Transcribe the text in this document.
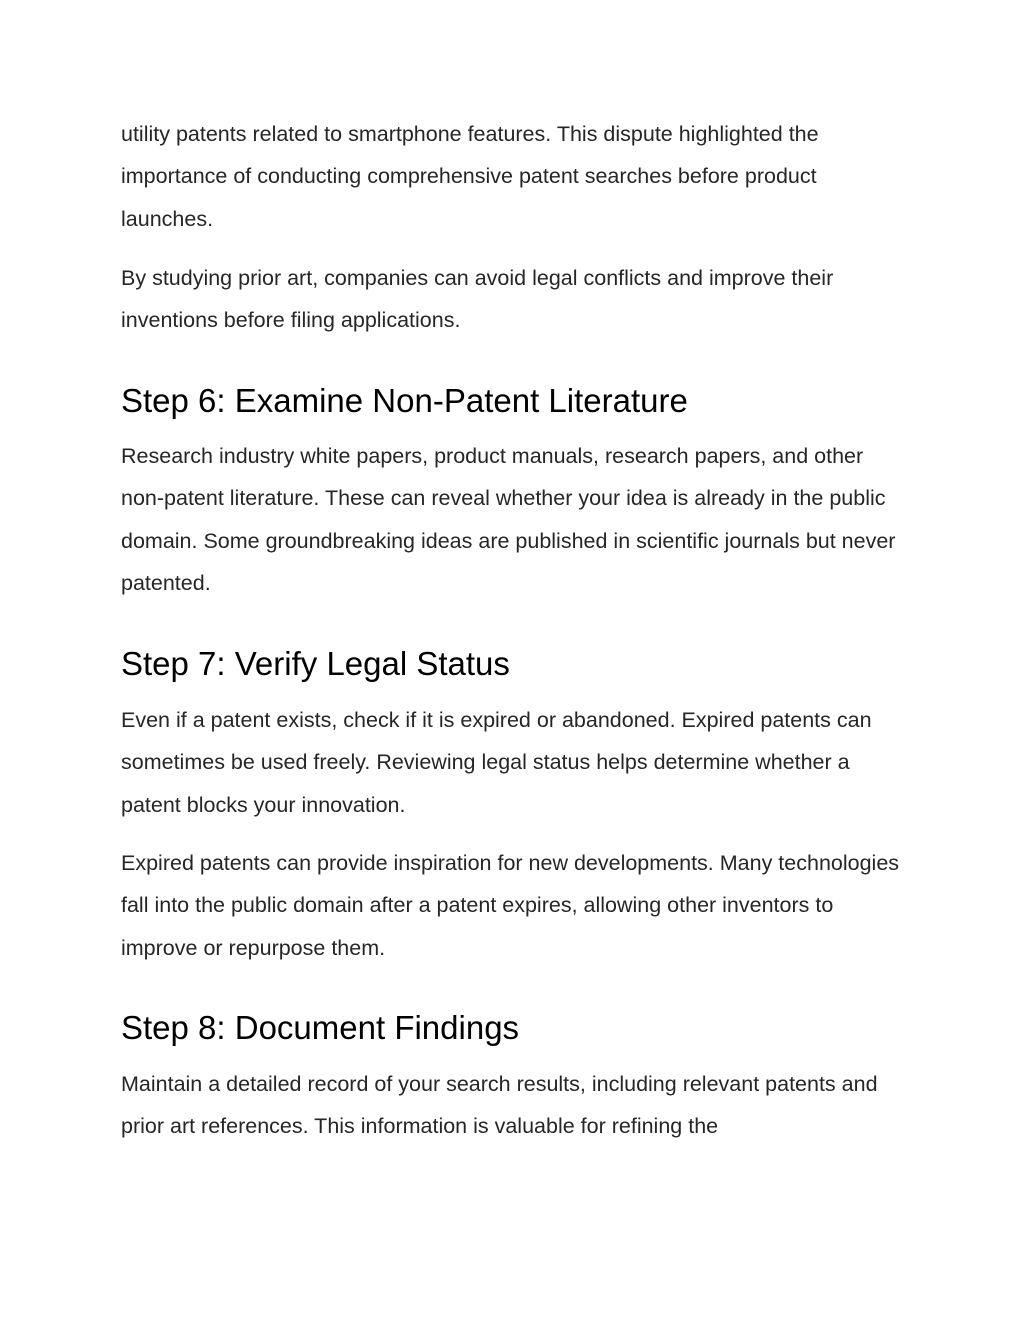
utility patents related to smartphone features. This dispute highlighted the importance of conducting comprehensive patent searches before product launches.

By studying prior art, companies can avoid legal conflicts and improve their inventions before filing applications.

Step 6: Examine Non-Patent Literature

Research industry white papers, product manuals, research papers, and other non-patent literature. These can reveal whether your idea is already in the public domain. Some groundbreaking ideas are published in scientific journals but never patented.

Step 7: Verify Legal Status

Even if a patent exists, check if it is expired or abandoned. Expired patents can sometimes be used freely. Reviewing legal status helps determine whether a patent blocks your innovation.

Expired patents can provide inspiration for new developments. Many technologies fall into the public domain after a patent expires, allowing other inventors to improve or repurpose them.

Step 8: Document Findings

Maintain a detailed record of your search results, including relevant patents and prior art references. This information is valuable for refining the
